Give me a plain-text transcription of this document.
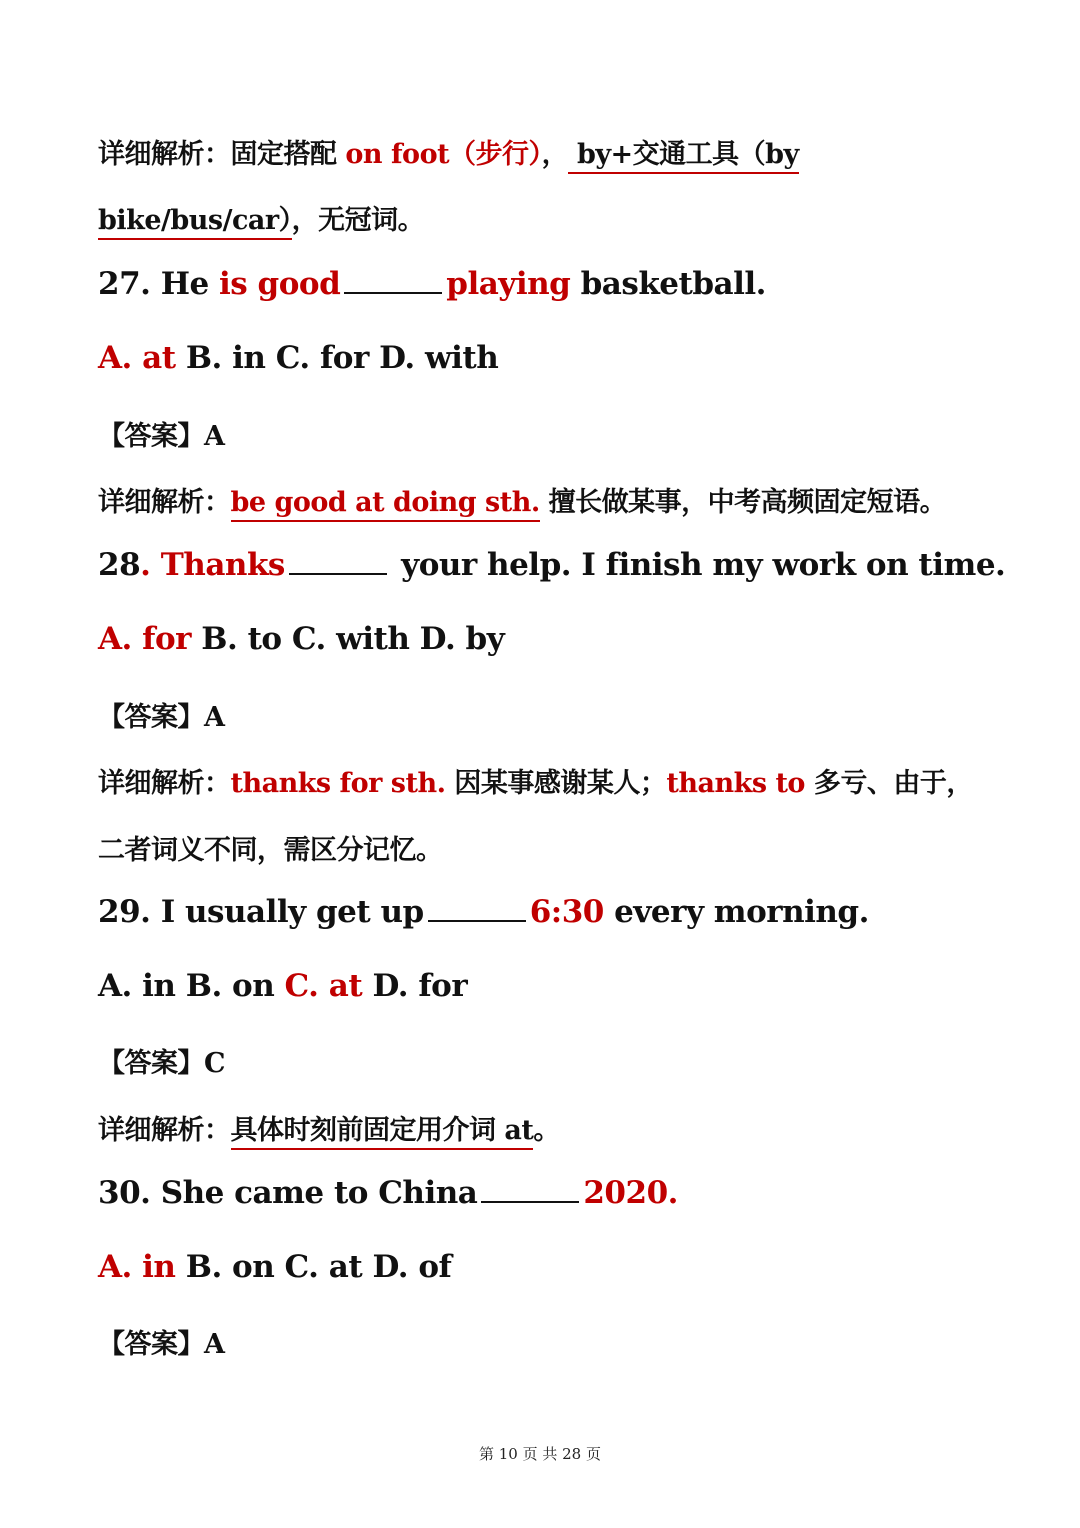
详细解析：固定搭配 on foot（步行）， by+交通工具（by
bike/bus/car），无冠词。
27. He is good	playing basketball.
A. at B. in C. for D. with
【答案】A
详细解析：be good at doing sth. 擅长做某事，中考高频固定短语。
28. Thanks	your help. I finish my work on time.
A. for B. to C. with D. by
【答案】A
详细解析：thanks for sth. 因某事感谢某人；thanks to 多亏、由于，
二者词义不同，需区分记忆。
29. I usually get up	6:30 every morning.
A. in B. on C. at D. for
【答案】C
详细解析：具体时刻前固定用介词 at。
30. She came to China	2020.
A. in B. on C. at D. of
【答案】A
第 10 页 共 28 页
